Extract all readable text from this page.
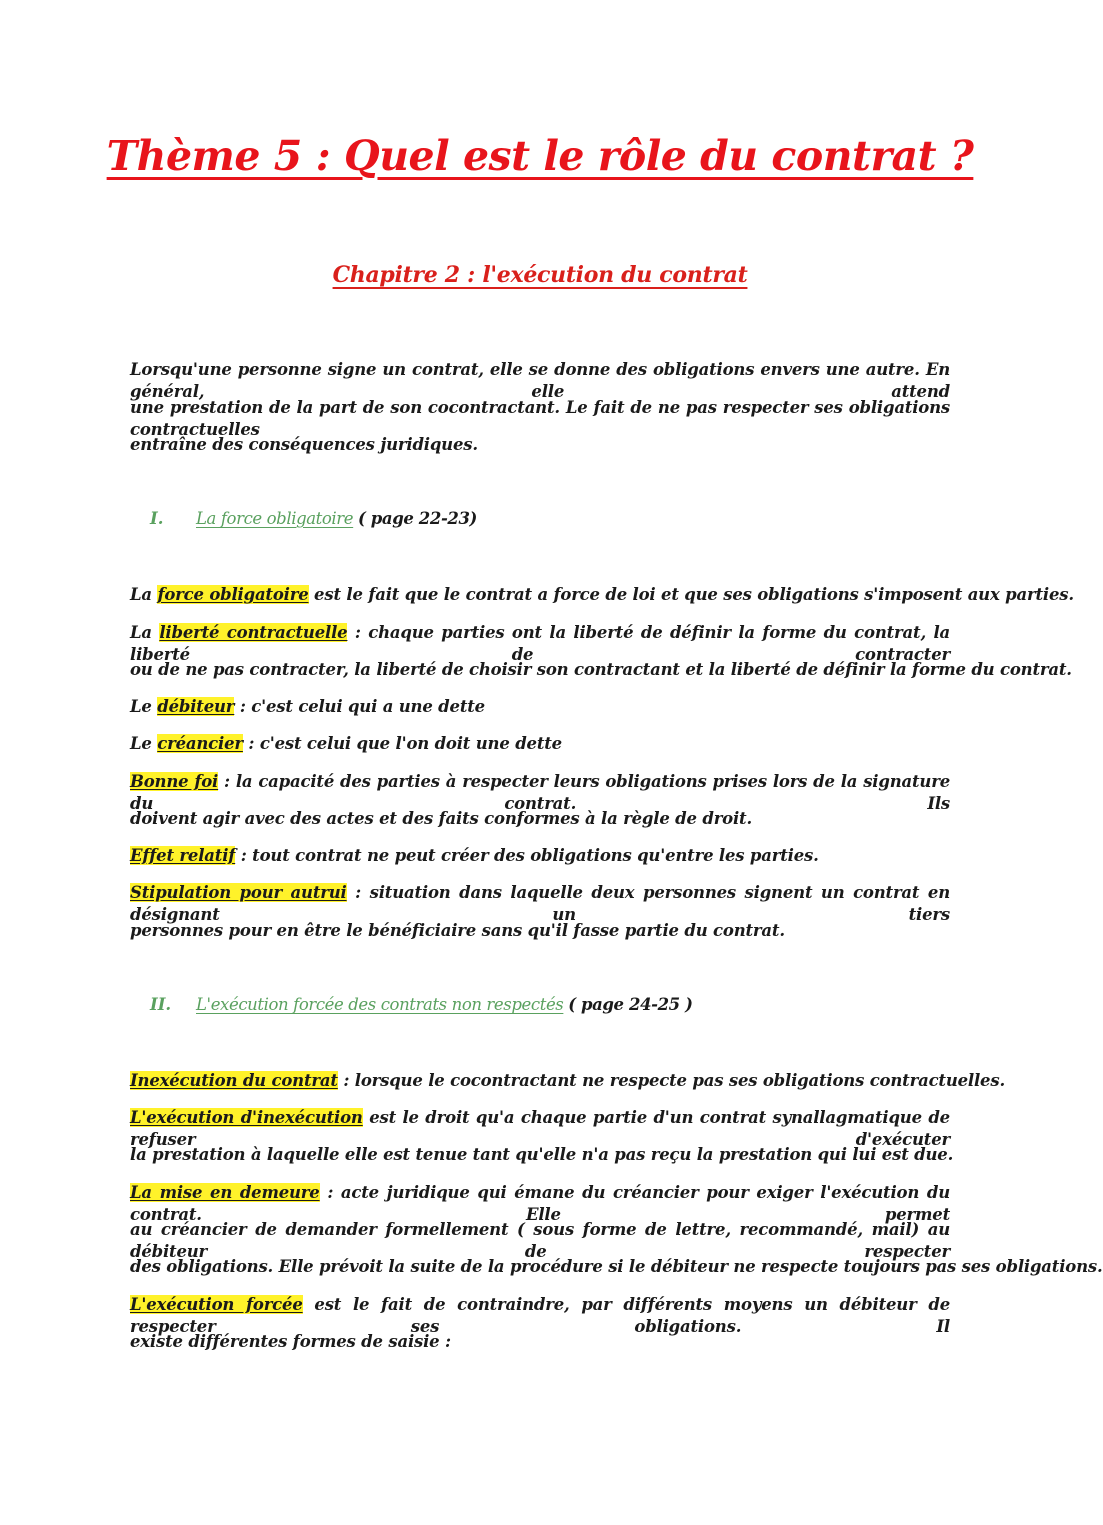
Thème 5 : Quel est le rôle du contrat ?
Chapitre 2 : l'exécution du contrat
Lorsqu'une personne signe un contrat, elle se donne des obligations envers une autre. En général, elle attend
une prestation de la part de son cocontractant. Le fait de ne pas respecter ses obligations contractuelles
entraîne des conséquences juridiques.
I. La force obligatoire ( page 22-23)
La force obligatoire est le fait que le contrat a force de loi et que ses obligations s'imposent aux parties.
La liberté contractuelle : chaque parties ont la liberté de définir la forme du contrat, la liberté de contracter
ou de ne pas contracter, la liberté de choisir son contractant et la liberté de définir la forme du contrat.
Le débiteur : c'est celui qui a une dette
Le créancier : c'est celui que l'on doit une dette
Bonne foi : la capacité des parties à respecter leurs obligations prises lors de la signature du contrat. Ils
doivent agir avec des actes et des faits conformes à la règle de droit.
Effet relatif : tout contrat ne peut créer des obligations qu'entre les parties.
Stipulation pour autrui : situation dans laquelle deux personnes signent un contrat en désignant un tiers
personnes pour en être le bénéficiaire sans qu'il fasse partie du contrat.
II. L'exécution forcée des contrats non respectés ( page 24-25 )
Inexécution du contrat : lorsque le cocontractant ne respecte pas ses obligations contractuelles.
L'exécution d'inexécution est le droit qu'a chaque partie d'un contrat synallagmatique de refuser d'exécuter
la prestation à laquelle elle est tenue tant qu'elle n'a pas reçu la prestation qui lui est due.
La mise en demeure : acte juridique qui émane du créancier pour exiger l'exécution du contrat. Elle permet
au créancier de demander formellement ( sous forme de lettre, recommandé, mail) au débiteur de respecter
des obligations. Elle prévoit la suite de la procédure si le débiteur ne respecte toujours pas ses obligations.
L'exécution forcée est le fait de contraindre, par différents moyens un débiteur de respecter ses obligations. Il
existe différentes formes de saisie :
